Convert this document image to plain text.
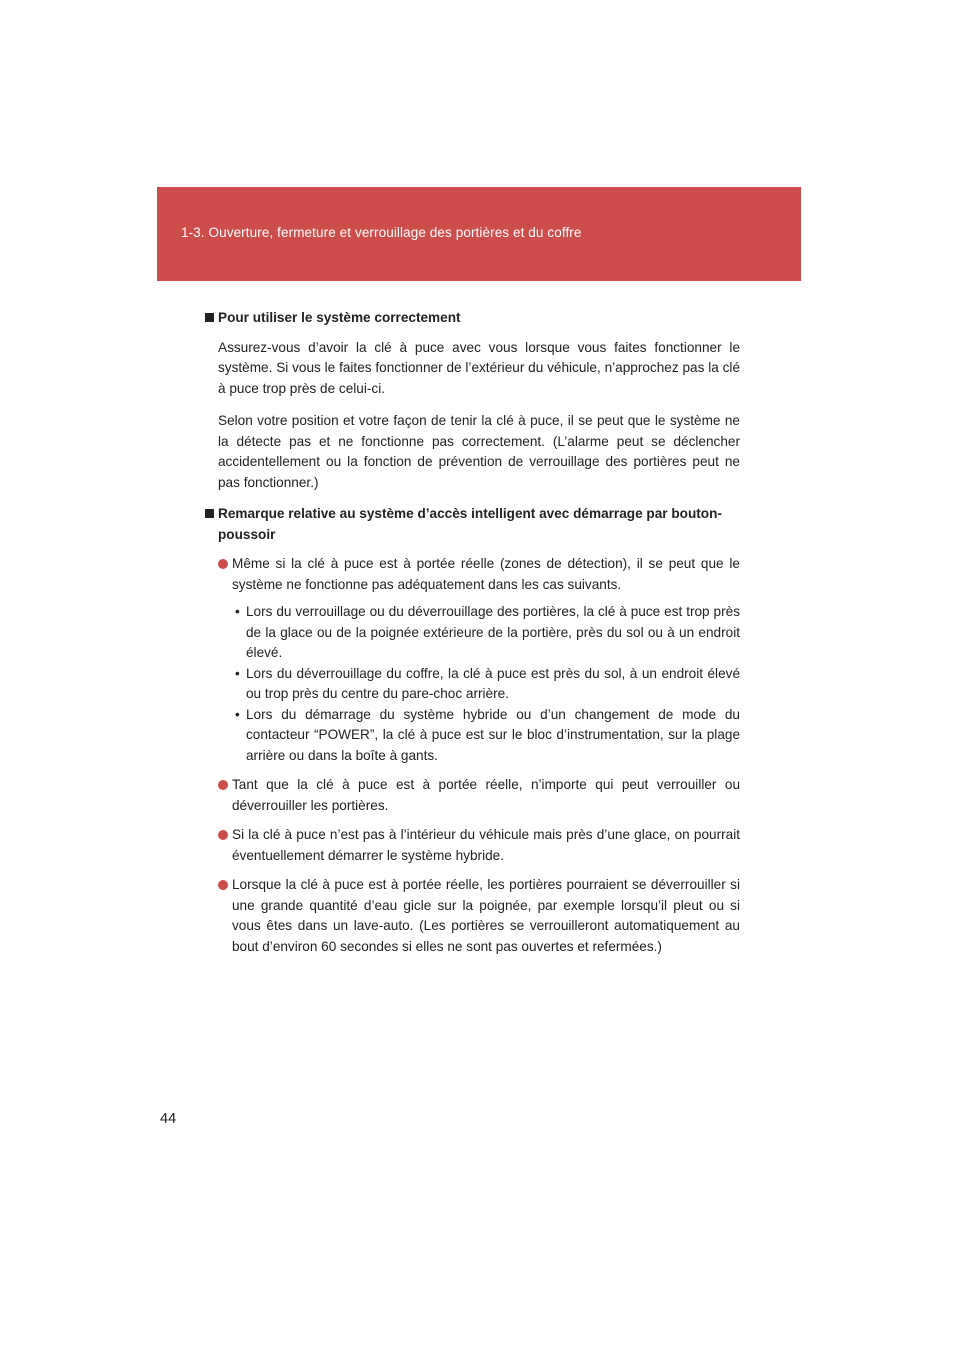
1-3. Ouverture, fermeture et verrouillage des portières et du coffre
Pour utiliser le système correctement
Assurez-vous d’avoir la clé à puce avec vous lorsque vous faites fonctionner le système. Si vous le faites fonctionner de l’extérieur du véhicule, n’approchez pas la clé à puce trop près de celui-ci.
Selon votre position et votre façon de tenir la clé à puce, il se peut que le système ne la détecte pas et ne fonctionne pas correctement. (L’alarme peut se déclencher accidentellement ou la fonction de prévention de verrouillage des portières peut ne pas fonctionner.)
Remarque relative au système d’accès intelligent avec démarrage par bouton-poussoir
Même si la clé à puce est à portée réelle (zones de détection), il se peut que le système ne fonctionne pas adéquatement dans les cas suivants.
• Lors du verrouillage ou du déverrouillage des portières, la clé à puce est trop près de la glace ou de la poignée extérieure de la portière, près du sol ou à un endroit élevé.
• Lors du déverrouillage du coffre, la clé à puce est près du sol, à un endroit élevé ou trop près du centre du pare-choc arrière.
• Lors du démarrage du système hybride ou d’un changement de mode du contacteur “POWER”, la clé à puce est sur le bloc d’instrumentation, sur la plage arrière ou dans la boîte à gants.
Tant que la clé à puce est à portée réelle, n’importe qui peut verrouiller ou déverrouiller les portières.
Si la clé à puce n’est pas à l’intérieur du véhicule mais près d’une glace, on pourrait éventuellement démarrer le système hybride.
Lorsque la clé à puce est à portée réelle, les portières pourraient se déverrouiller si une grande quantité d’eau gicle sur la poignée, par exemple lorsqu’il pleut ou si vous êtes dans un lave-auto. (Les portières se verrouilleront automatiquement au bout d’environ 60 secondes si elles ne sont pas ouvertes et refermées.)
44
